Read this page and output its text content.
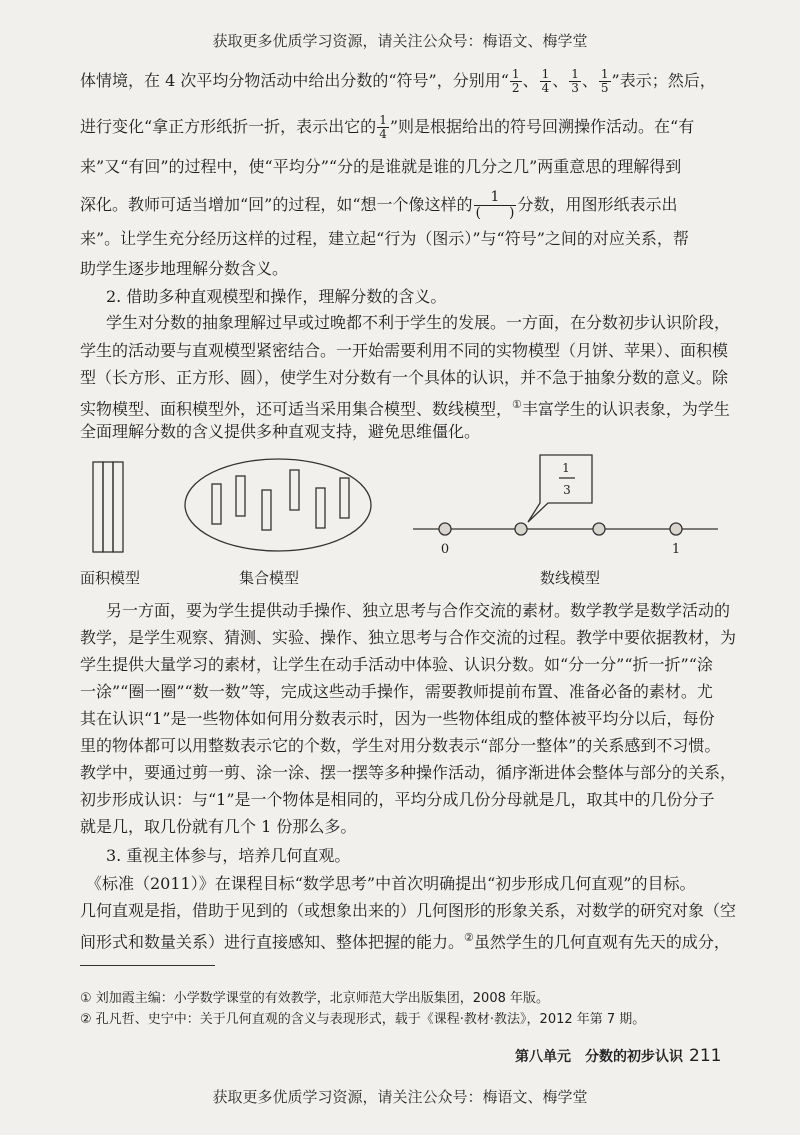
获取更多优质学习资源，请关注公众号：梅语文、梅学堂
体情境，在 4 次平均分物活动中给出分数的“符号”，分别用“ $\frac{1}{2}$ 、 $\frac{1}{4}$ 、 $\frac{1}{3}$ 、 $\frac{1}{5}$ ”表示；然后，
进行变化“拿正方形纸折一折，表示出它的 $\frac{1}{4}$ ”则是根据给出的符号回溯操作活动。在“有
来”又“有回”的过程中，使“平均分”“分的是谁就是谁的几分之几”两重意思的理解得到
深化。教师可适当增加“回”的过程，如“想一个像这样的 $\frac{1}{( )}$ 分数，用图形纸表示出
来”。让学生充分经历这样的过程，建立起“行为（图示）”与“符号”之间的对应关系，帮
助学生逐步地理解分数含义。
2. 借助多种直观模型和操作，理解分数的含义。
学生对分数的抽象理解过早或过晚都不利于学生的发展。一方面，在分数初步认识阶段，
学生的活动要与直观模型紧密结合。一开始需要利用不同的实物模型（月饼、苹果）、面积模
型（长方形、正方形、圆），使学生对分数有一个具体的认识，并不急于抽象分数的意义。除
实物模型、面积模型外，还可适当采用集合模型、数线模型，①丰富学生的认识表象，为学生
全面理解分数的含义提供多种直观支持，避免思维僵化。
1
3
0	1
面积模型	集合模型	数线模型
另一方面，要为学生提供动手操作、独立思考与合作交流的素材。数学教学是数学活动的
教学，是学生观察、猜测、实验、操作、独立思考与合作交流的过程。教学中要依据教材，为
学生提供大量学习的素材，让学生在动手活动中体验、认识分数。如“分一分”“折一折”“涂
一涂”“圈一圈”“数一数”等，完成这些动手操作，需要教师提前布置、准备必备的素材。尤
其在认识“1”是一些物体如何用分数表示时，因为一些物体组成的整体被平均分以后，每份
里的物体都可以用整数表示它的个数，学生对用分数表示“部分一整体”的关系感到不习惯。
教学中，要通过剪一剪、涂一涂、摆一摆等多种操作活动，循序渐进体会整体与部分的关系，
初步形成认识：与“1”是一个物体是相同的，平均分成几份分母就是几，取其中的几份分子
就是几，取几份就有几个 1 份那么多。
3. 重视主体参与，培养几何直观。
《标准（2011）》在课程目标“数学思考”中首次明确提出“初步形成几何直观”的目标。
几何直观是指，借助于见到的（或想象出来的）几何图形的形象关系，对数学的研究对象（空
间形式和数量关系）进行直接感知、整体把握的能力。②虽然学生的几何直观有先天的成分，
① 刘加霞主编：小学数学课堂的有效教学，北京师范大学出版集团，2008 年版。
② 孔凡哲、史宁中：关于几何直观的含义与表现形式，载于《课程·教材·教法》，2012 年第 7 期。
第八单元　分数的初步认识 211
获取更多优质学习资源，请关注公众号：梅语文、梅学堂
